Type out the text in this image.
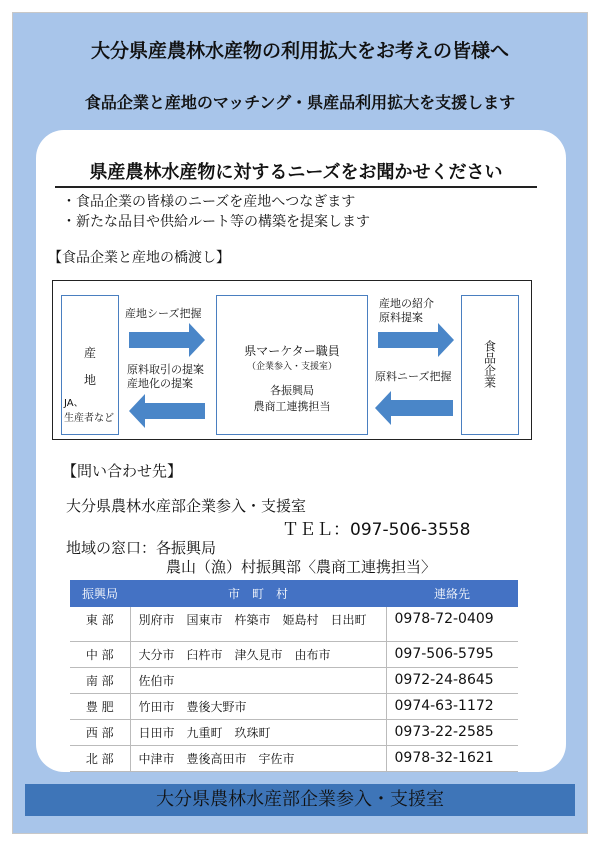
大分県産農林水産物の利用拡大をお考えの皆様へ
食品企業と産地のマッチング・県産品利用拡大を支援します
県産農林水産物に対するニーズをお聞かせください
・食品企業の皆様のニーズを産地へつなぎます
・新たな品目や供給ルート等の構築を提案します
【食品企業と産地の橋渡し】
産
地
JA、
生産者など
県マーケター職員
（企業参入・支援室）
各振興局
農商工連携担当
食品企業
産地シーズ把握
原料取引の提案
産地化の提案
産地の紹介
原料提案
原料ニーズ把握
【問い合わせ先】
大分県農林水産部企業参入・支援室
ＴＥＬ：097-506-3558
地域の窓口：各振興局
農山（漁）村振興部〈農商工連携担当〉
振興局	市　町　村	連絡先
東 部	別府市　国東市　杵築市　姫島村　日出町	0978-72-0409
中 部	大分市　臼杵市　津久見市　由布市	097-506-5795
南 部	佐伯市	0972-24-8645
豊 肥	竹田市　豊後大野市	0974-63-1172
西 部	日田市　九重町　玖珠町	0973-22-2585
北 部	中津市　豊後高田市　宇佐市	0978-32-1621
大分県農林水産部企業参入・支援室
